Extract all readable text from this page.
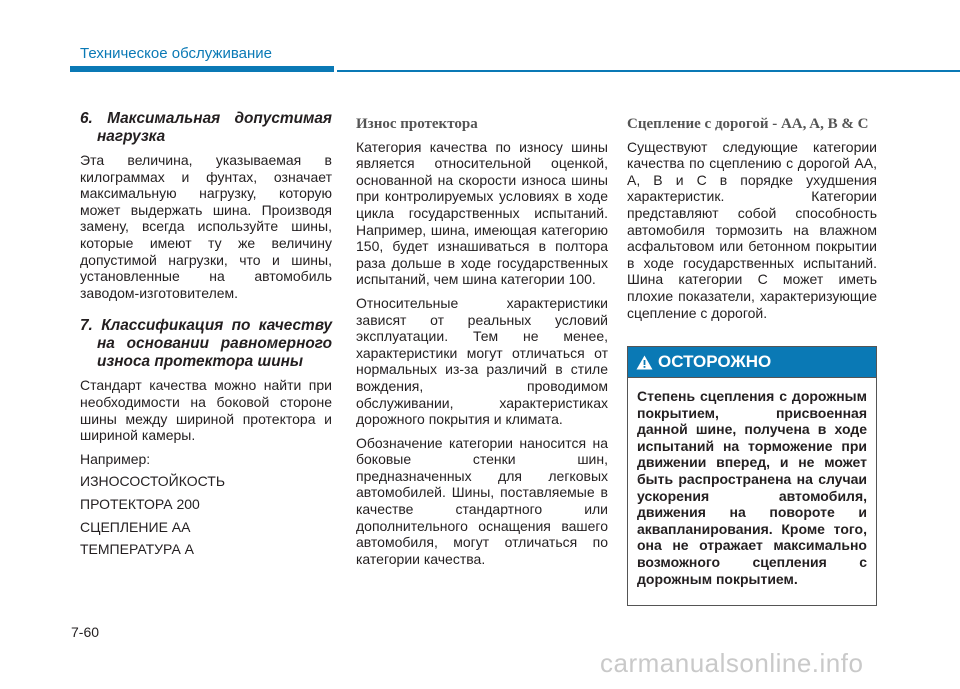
Техническое обслуживание

6. Максимальная допустимая нагрузка

Эта величина, указываемая в килограммах и фунтах, означает максимальную нагрузку, которую может выдержать шина. Производя замену, всегда используйте шины, которые имеют ту же величину допустимой нагрузки, что и шины, установленные на автомобиль заводом-изготовителем.

7. Классификация по качеству на основании равномерного износа протектора шины

Стандарт качества можно найти при необходимости на боковой стороне шины между шириной протектора и шириной камеры.

Например:

ИЗНОСОСТОЙКОСТЬ

ПРОТЕКТОРА 200

СЦЕПЛЕНИЕ AA

ТЕМПЕРАТУРА A

Износ протектора

Категория качества по износу шины является относительной оценкой, основанной на скорости износа шины при контролируемых условиях в ходе цикла государственных испытаний. Например, шина, имеющая категорию 150, будет изнашиваться в полтора раза дольше в ходе государственных испытаний, чем шина категории 100.

Относительные характеристики зависят от реальных условий эксплуатации. Тем не менее, характеристики могут отличаться от нормальных из-за различий в стиле вождения, проводимом обслуживании, характеристиках дорожного покрытия и климата.

Обозначение категории наносится на боковые стенки шин, предназначенных для легковых автомобилей. Шины, поставляемые в качестве стандартного или дополнительного оснащения вашего автомобиля, могут отличаться по категории качества.

Сцепление с дорогой - AA, A, B & C

Существуют следующие категории качества по сцеплению с дорогой AA, A, B и C в порядке ухудшения характеристик. Категории представляют собой способность автомобиля тормозить на влажном асфальтовом или бетонном покрытии в ходе государственных испытаний. Шина категории C может иметь плохие показатели, характеризующие сцепление с дорогой.

ОСТОРОЖНО
Степень сцепления с дорожным покрытием, присвоенная данной шине, получена в ходе испытаний на торможение при движении вперед, и не может быть распространена на случаи ускорения автомобиля, движения на повороте и аквапланирования. Кроме того, она не отражает максимально возможного сцепления с дорожным покрытием.
7-60
carmanualsonline.info
